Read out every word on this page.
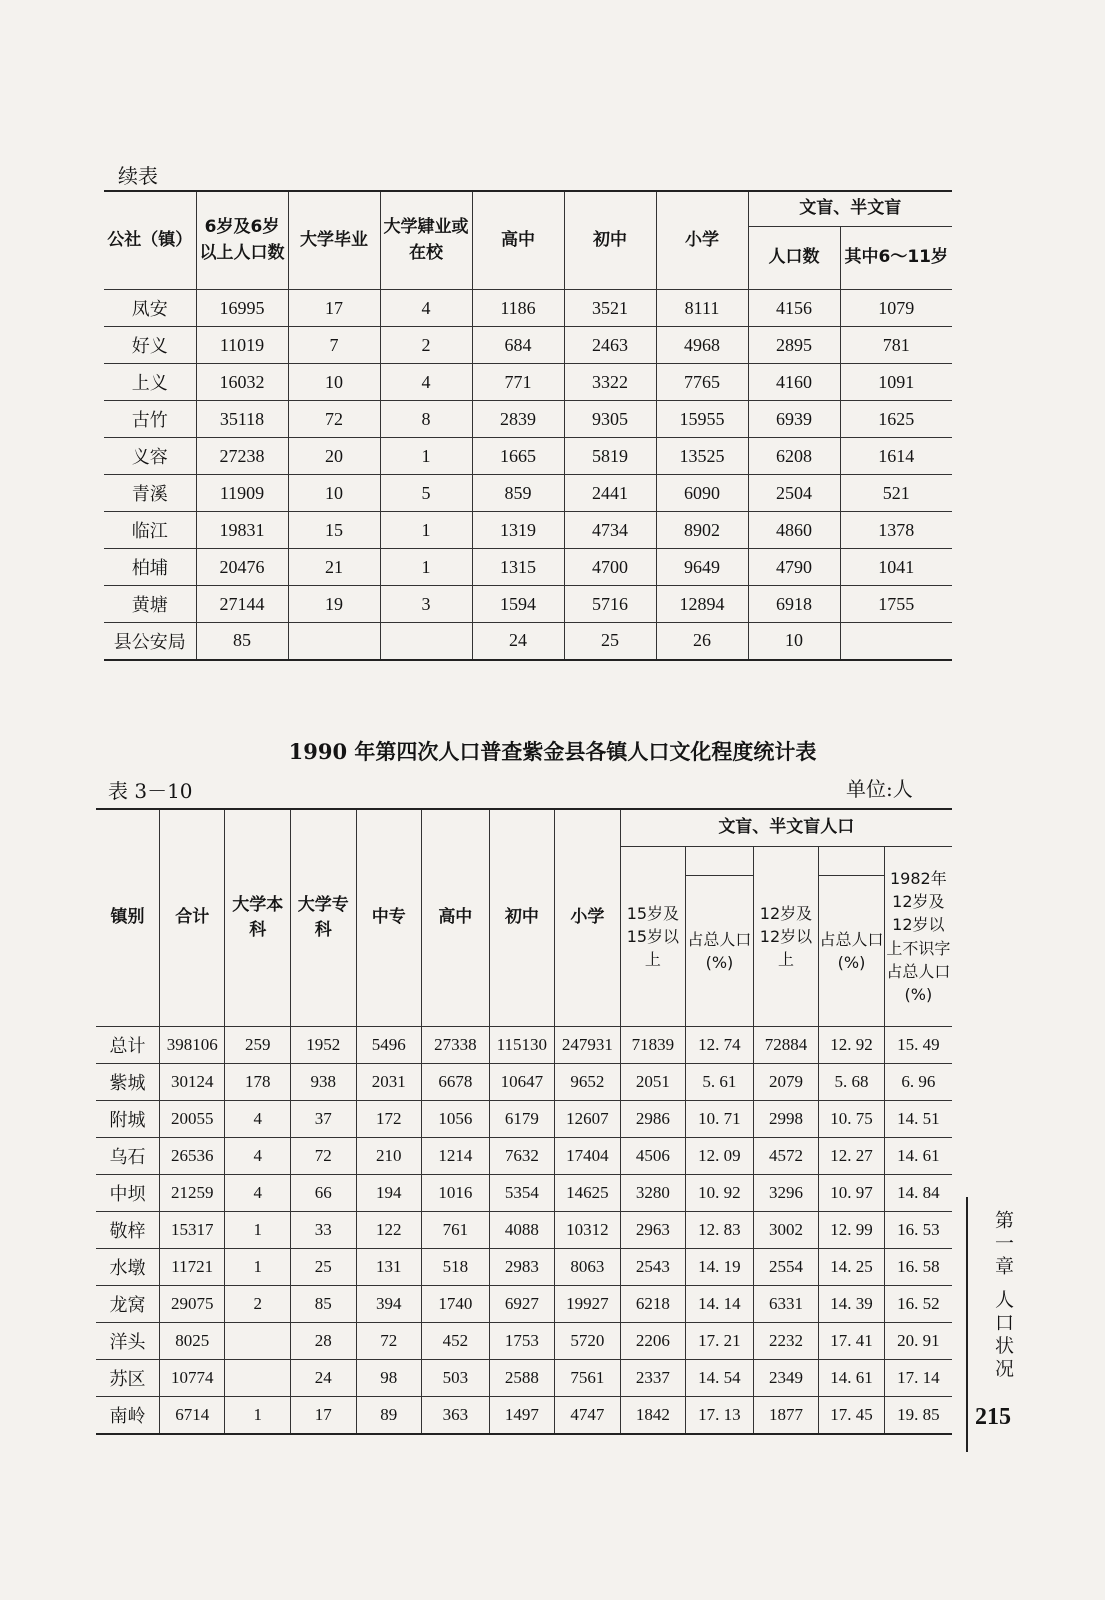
续表
公社（镇）	6岁及6岁以上人口数	大学毕业	大学肄业或在校	高中	初中	小学	文盲、半文盲	
							人口数	其中6～11岁
凤安	16995	17	4	1186	3521	8111	4156	1079
好义	11019	7	2	684	2463	4968	2895	781
上义	16032	10	4	771	3322	7765	4160	1091
古竹	35118	72	8	2839	9305	15955	6939	1625
义容	27238	20	1	1665	5819	13525	6208	1614
青溪	11909	10	5	859	2441	6090	2504	521
临江	19831	15	1	1319	4734	8902	4860	1378
柏埔	20476	21	1	1315	4700	9649	4790	1041
黄塘	27144	19	3	1594	5716	12894	6918	1755
县公安局	85			24	25	26	10	
1990 年第四次人口普查紫金县各镇人口文化程度统计表
表 3－10	单位:人
镇别	合计	大学本科	大学专科	中专	高中	初中	小学	文盲、半文盲人口				
								15岁及15岁以上		12岁及12岁以上		1982年12岁及12岁以上不识字占总人口(%)
									占总人口(%)		占总人口(%)	
总计	398106	259	1952	5496	27338	115130	247931	71839	12. 74	72884	12. 92	15. 49
紫城	30124	178	938	2031	6678	10647	9652	2051	5. 61	2079	5. 68	6. 96
附城	20055	4	37	172	1056	6179	12607	2986	10. 71	2998	10. 75	14. 51
乌石	26536	4	72	210	1214	7632	17404	4506	12. 09	4572	12. 27	14. 61
中坝	21259	4	66	194	1016	5354	14625	3280	10. 92	3296	10. 97	14. 84
敬梓	15317	1	33	122	761	4088	10312	2963	12. 83	3002	12. 99	16. 53
水墩	11721	1	25	131	518	2983	8063	2543	14. 19	2554	14. 25	16. 58
龙窝	29075	2	85	394	1740	6927	19927	6218	14. 14	6331	14. 39	16. 52
洋头	8025		28	72	452	1753	5720	2206	17. 21	2232	17. 41	20. 91
苏区	10774		24	98	503	2588	7561	2337	14. 54	2349	14. 61	17. 14
南岭	6714	1	17	89	363	1497	4747	1842	17. 13	1877	17. 45	19. 85
第一章 人口状况
215
